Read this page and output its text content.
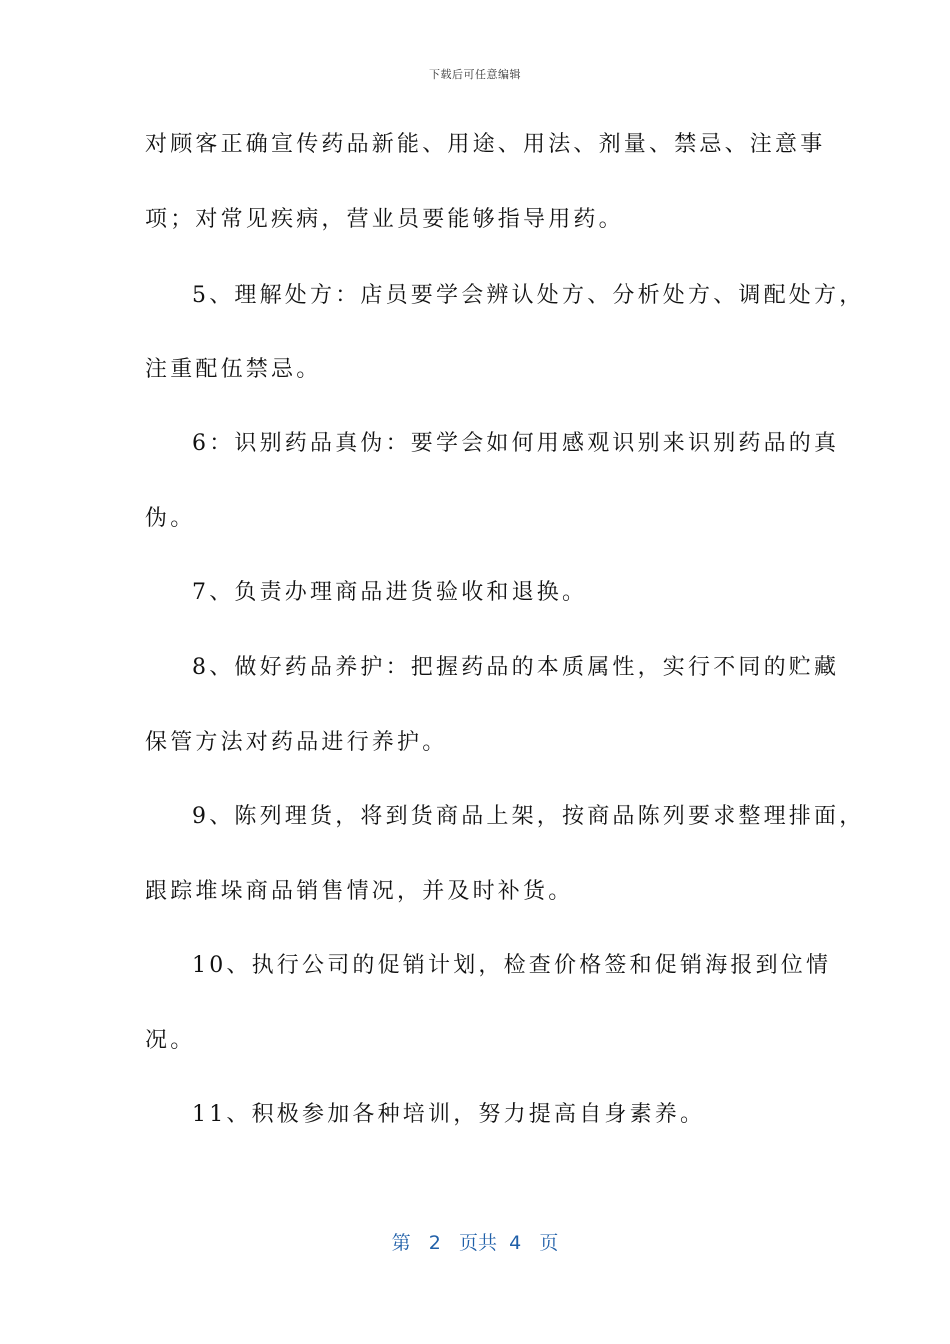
下载后可任意编辑
对顾客正确宣传药品新能、用途、用法、剂量、禁忌、注意事
项；对常见疾病，营业员要能够指导用药。
5、理解处方：店员要学会辨认处方、分析处方、调配处方，
注重配伍禁忌。
6：识别药品真伪：要学会如何用感观识别来识别药品的真
伪。
7、负责办理商品进货验收和退换。
8、做好药品养护：把握药品的本质属性，实行不同的贮藏
保管方法对药品进行养护。
9、陈列理货，将到货商品上架，按商品陈列要求整理排面，
跟踪堆垛商品销售情况，并及时补货。
10、执行公司的促销计划，检查价格签和促销海报到位情
况。
11、积极参加各种培训，努力提高自身素养。
第 2 页共 4 页
